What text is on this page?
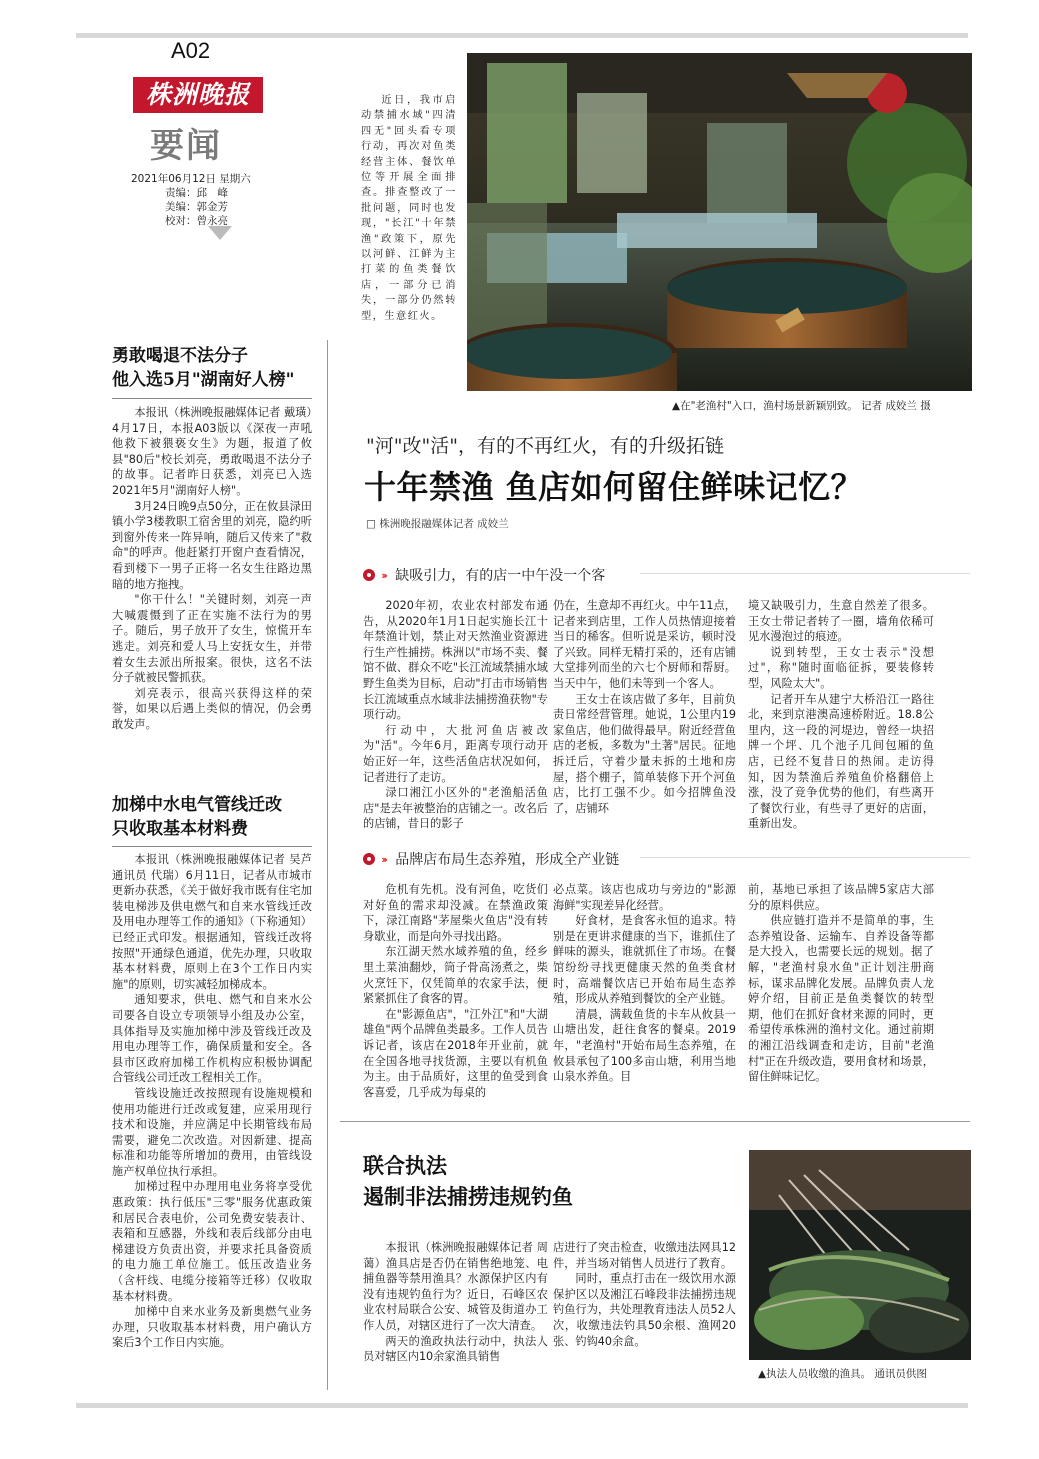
A02
株洲晚报
要闻
2021年06月12日 星期六
责编：邱　峰
美编：郭金芳
校对：曾永亮
勇敢喝退不法分子
他入选5月"湖南好人榜"

本报讯（株洲晚报融媒体记者 戴璜）4月17日，本报A03版以《深夜一声吼 他救下被猥亵女生》为题，报道了攸县"80后"校长刘亮，勇敢喝退不法分子的故事。记者昨日获悉，刘亮已入选2021年5月"湖南好人榜"。

3月24日晚9点50分，正在攸县渌田镇小学3楼教职工宿舍里的刘亮，隐约听到窗外传来一阵异响，随后又传来了"救命"的呼声。他赶紧打开窗户查看情况，看到楼下一男子正将一名女生往路边黑暗的地方拖拽。

"你干什么！"关键时刻，刘亮一声大喊震慑到了正在实施不法行为的男子。随后，男子放开了女生，惊慌开车逃走。刘亮和爱人马上安抚女生，并带着女生去派出所报案。很快，这名不法分子就被民警抓获。

刘亮表示，很高兴获得这样的荣誉，如果以后遇上类似的情况，仍会勇敢发声。

加梯中水电气管线迁改
只收取基本材料费

本报讯（株洲晚报融媒体记者 吴芦 通讯员 代瑞）6月11日，记者从市城市更新办获悉，《关于做好我市既有住宅加装电梯涉及供电燃气和自来水管线迁改及用电办理等工作的通知》（下称通知）已经正式印发。根据通知，管线迁改将按照"开通绿色通道，优先办理，只收取基本材料费，原则上在3个工作日内实施"的原则，切实减轻加梯成本。

通知要求，供电、燃气和自来水公司要各自设立专项领导小组及办公室，具体指导及实施加梯中涉及管线迁改及用电办理等工作，确保质量和安全。各县市区政府加梯工作机构应积极协调配合管线公司迁改工程相关工作。

管线设施迁改按照现有设施规模和使用功能进行迁改或复建，应采用现行技术和设施，并应满足中长期管线布局需要，避免二次改造。对因新建、提高标准和功能等所增加的费用，由管线设施产权单位执行承担。

加梯过程中办理用电业务将享受优惠政策：执行低压"三零"服务优惠政策和居民合表电价，公司免费安装表计、表箱和互感器，外线和表后线部分由电梯建设方负责出资，并要求托具备资质的电力施工单位施工。低压改造业务（含杆线、电缆分接箱等迁移）仅收取基本材料费。

加梯中自来水业务及新奥燃气业务办理，只收取基本材料费，用户确认方案后3个工作日内实施。

近日，我市启动禁捕水域"四清四无"回头看专项行动，再次对鱼类经营主体、餐饮单位等开展全面排查。排查整改了一批问题，同时也发现，"长江"十年禁渔"政策下，原先以河鲜、江鲜为主打菜的鱼类餐饮店，一部分已消失，一部分仍然转型，生意红火。
▲在"老渔村"入口，渔村场景新颖别致。 记者 成姣兰 摄
"河"改"活"，有的不再红火，有的升级拓链
十年禁渔 鱼店如何留住鲜味记忆？
□ 株洲晚报融媒体记者 成姣兰
››› 缺吸引力，有的店一中午没一个客

2020年初，农业农村部发布通告，从2020年1月1日起实施长江十年禁渔计划，禁止对天然渔业资源进行生产性捕捞。株洲以"市场不卖、餐馆不做、群众不吃"长江流域禁捕水域野生鱼类为目标，启动"打击市场销售长江流域重点水域非法捕捞渔获物"专项行动。

行动中，大批河鱼店被改为"活"。今年6月，距离专项行动开始正好一年，这些活鱼店状况如何，记者进行了走访。

渌口湘江小区外的"老渔船活鱼店"是去年被整治的店铺之一。改名后的店铺，昔日的影子

仍在，生意却不再红火。中午11点，记者来到店里，工作人员热情迎接着当日的稀客。但听说是采访，顿时没了兴致。同样无精打采的，还有店铺大堂排列而坐的六七个厨师和帮厨。当天中午，他们未等到一个客人。

王女士在该店做了多年，目前负责日常经营管理。她说，1公里内19家鱼店，他们做得最早。附近经营鱼店的老板，多数为"土著"居民。征地拆迁后，守着少量未拆的土地和房屋，搭个棚子，简单装修下开个河鱼店，比打工强不少。如今招牌鱼没了，店铺环

境又缺吸引力，生意自然差了很多。王女士带记者转了一圈，墙角依稀可见水漫泡过的痕迹。

说到转型，王女士表示"没想过"，称"随时面临征拆，要装修转型，风险太大"。

记者开车从建宁大桥沿江一路往北，来到京港澳高速桥附近。18.8公里内，这一段的河堤边，曾经一块招牌一个坪、几个池子几间包厢的鱼店，已经不复昔日的热闹。走访得知，因为禁渔后养殖鱼价格翻倍上涨，没了竞争优势的他们，有些离开了餐饮行业，有些寻了更好的店面，重新出发。

››› 品牌店布局生态养殖，形成全产业链

危机有先机。没有河鱼，吃货们对好鱼的需求却没减。在禁渔政策下，渌江南路"茅屋柴火鱼店"没有转身歇业，而是向外寻找出路。

东江湖天然水域养殖的鱼，经乡里土菜油翻炒，筒子骨高汤煮之，柴火烹饪下，仅凭简单的农家手法，便紧紧抓住了食客的胃。

在"影源鱼店"，"江外江"和"大湖雄鱼"两个品牌鱼类最多。工作人员告诉记者，该店在2018年开业前，就在全国各地寻找货源，主要以有机鱼为主。由于品质好，这里的鱼受到食客喜爱，几乎成为每桌的

必点菜。该店也成功与旁边的"影源海鲜"实现差异化经营。

好食材，是食客永恒的追求。特别是在更讲求健康的当下，谁抓住了鲜味的源头，谁就抓住了市场。在餐馆纷纷寻找更健康天然的鱼类食材时，高端餐饮店已开始布局生态养殖，形成从养殖到餐饮的全产业链。

清晨，满载鱼货的卡车从攸县一山塘出发，赶往食客的餐桌。2019年，"老渔村"开始布局生态养殖，在攸县承包了100多亩山塘，利用当地山泉水养鱼。目

前，基地已承担了该品牌5家店大部分的原料供应。

供应链打造并不是简单的事，生态养殖设备、运输车、自养设备等都是大投入，也需要长远的规划。据了解，"老渔村泉水鱼"正计划注册商标，谋求品牌化发展。品牌负责人龙婷介绍，目前正是鱼类餐饮的转型期，他们在抓好食材来源的同时，更希望传承株洲的渔村文化。通过前期的湘江沿线调查和走访，目前"老渔村"正在升级改造，要用食材和场景，留住鲜味记忆。

联合执法
遏制非法捕捞违规钓鱼

本报讯（株洲晚报融媒体记者 周蔼）渔具店是否仍在销售绝地笼、电捕鱼器等禁用渔具？水源保护区内有没有违规钓鱼行为？近日，石峰区农业农村局联合公安、城管及街道办工作人员，对辖区进行了一次大清查。

两天的渔政执法行动中，执法人员对辖区内10余家渔具销售

店进行了突击检查，收缴违法网具12件，并当场对销售人员进行了教育。

同时，重点打击在一级饮用水源保护区以及湘江石峰段非法捕捞违规钓鱼行为，共处理教育违法人员52人次，收缴违法钓具50余根、渔网20张、钓钩40余盒。

▲执法人员收缴的渔具。 通讯员供图
